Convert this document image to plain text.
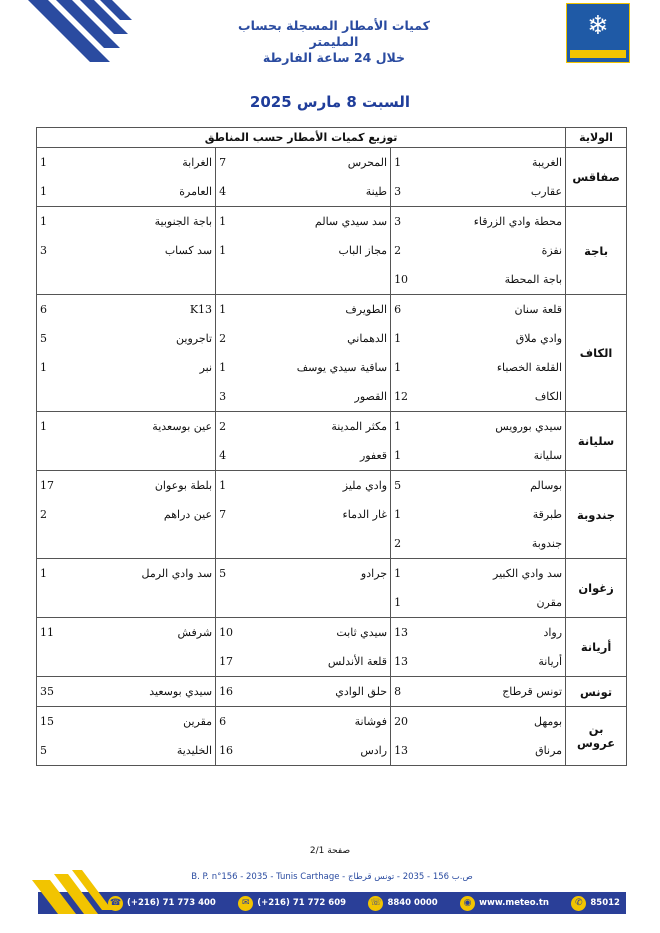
❄
كميات الأمطار المسجلة بحساب المليمتر
خلال 24 ساعة الفارطة
السبت 8 مارس 2025
الولاية	توزيع كميات الأمطار حسب المناطق					
صفاقس	الغريبة	1	المحرس	7	الغرابة	1
	عقارب	3	طينة	4	العامرة	1
باجة	محطة وادي الزرقاء	3	سد سيدي سالم	1	باجة الجنوبية	1
	نفزة	2	مجاز الباب	1	سد كساب	3
	باجة المحطة	10				
الكاف	قلعة سنان	6	الطويرف	1	K13	6
	وادي ملاق	1	الدهماني	2	تاجروين	5
	القلعة الخصباء	1	ساقية سيدي يوسف	1	نبر	1
	الكاف	12	القصور	3		
سليانة	سيدي بورويس	1	مكثر المدينة	2	عين بوسعدية	1
	سليانة	1	قعفور	4		
جندوبة	بوسالم	5	وادي مليز	1	بلطة بوعوان	17
	طبرقة	1	غار الدماء	7	عين دراهم	2
	جندوبة	2				
زغوان	سد وادي الكبير	1	جرادو	5	سد وادي الرمل	1
	مقرن	1				
أريانة	رواد	13	سيدي ثابت	10	شرفش	11
	أريانة	13	قلعة الأندلس	17		
تونس	تونس قرطاج	8	حلق الوادي	16	سيدي بوسعيد	35
بن عروس	بومهل	20	فوشانة	6	مقرين	15
	مرناق	13	رادس	16	الخليدية	5
صفحة 2/1
B. P. n°156 - 2035 - Tunis Carthage - ص.ب 156 - 2035 - تونس قرطاج
☎ (+216) 71 773 400	✉ (+216) 71 772 609	☏ 8840 0000	◉ www.meteo.tn	✆ 85012
